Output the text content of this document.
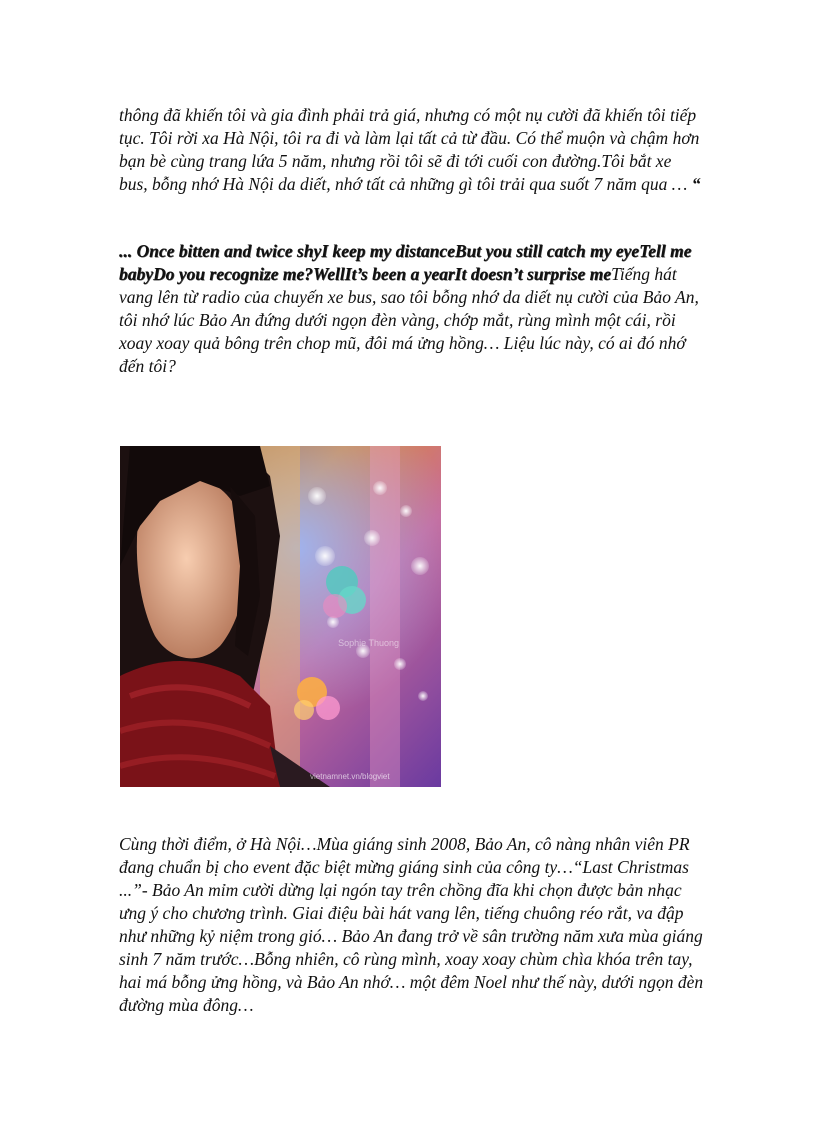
thông đã khiến tôi và gia đình phải trả giá, nhưng có một nụ cười đã khiến tôi tiếp tục. Tôi rời xa Hà Nội, tôi ra đi và làm lại tất cả từ đầu. Có thể muộn và chậm hơn bạn bè cùng trang lứa 5 năm, nhưng rồi tôi sẽ đi tới cuối con đường.Tôi bắt xe bus, bỗng nhớ Hà Nội da diết, nhớ tất cả những gì tôi trải qua suốt 7 năm qua … “

... Once bitten and twice shyI keep my distanceBut you still catch my eyeTell me babyDo you recognize me?WellIt’s been a yearIt doesn’t surprise meTiếng hát vang lên từ radio của chuyến xe bus, sao tôi bỗng nhớ da diết nụ cười của Bảo An, tôi nhớ lúc Bảo An đứng dưới ngọn đèn vàng, chớp mắt, rùng mình một cái, rồi xoay xoay quả bông trên chop mũ, đôi má ửng hồng… Liệu lúc này, có ai đó nhớ đến tôi?

Sophie Thuong
vietnamnet.vn/blogviet

Cùng thời điểm, ở Hà Nội…Mùa giáng sinh 2008, Bảo An, cô nàng nhân viên PR đang chuẩn bị cho event đặc biệt mừng giáng sinh của công ty…“Last Christmas ...”- Bảo An mỉm cười dừng lại ngón tay trên chồng đĩa khi chọn được bản nhạc ưng ý cho chương trình. Giai điệu bài hát vang lên, tiếng chuông réo rắt, va đập như những kỷ niệm trong gió… Bảo An đang trở về sân trường năm xưa mùa giáng sinh 7 năm trước…Bỗng nhiên, cô rùng mình, xoay xoay chùm chìa khóa trên tay, hai má bỗng ửng hồng, và Bảo An nhớ… một đêm Noel như thế này, dưới ngọn đèn đường mùa đông…
